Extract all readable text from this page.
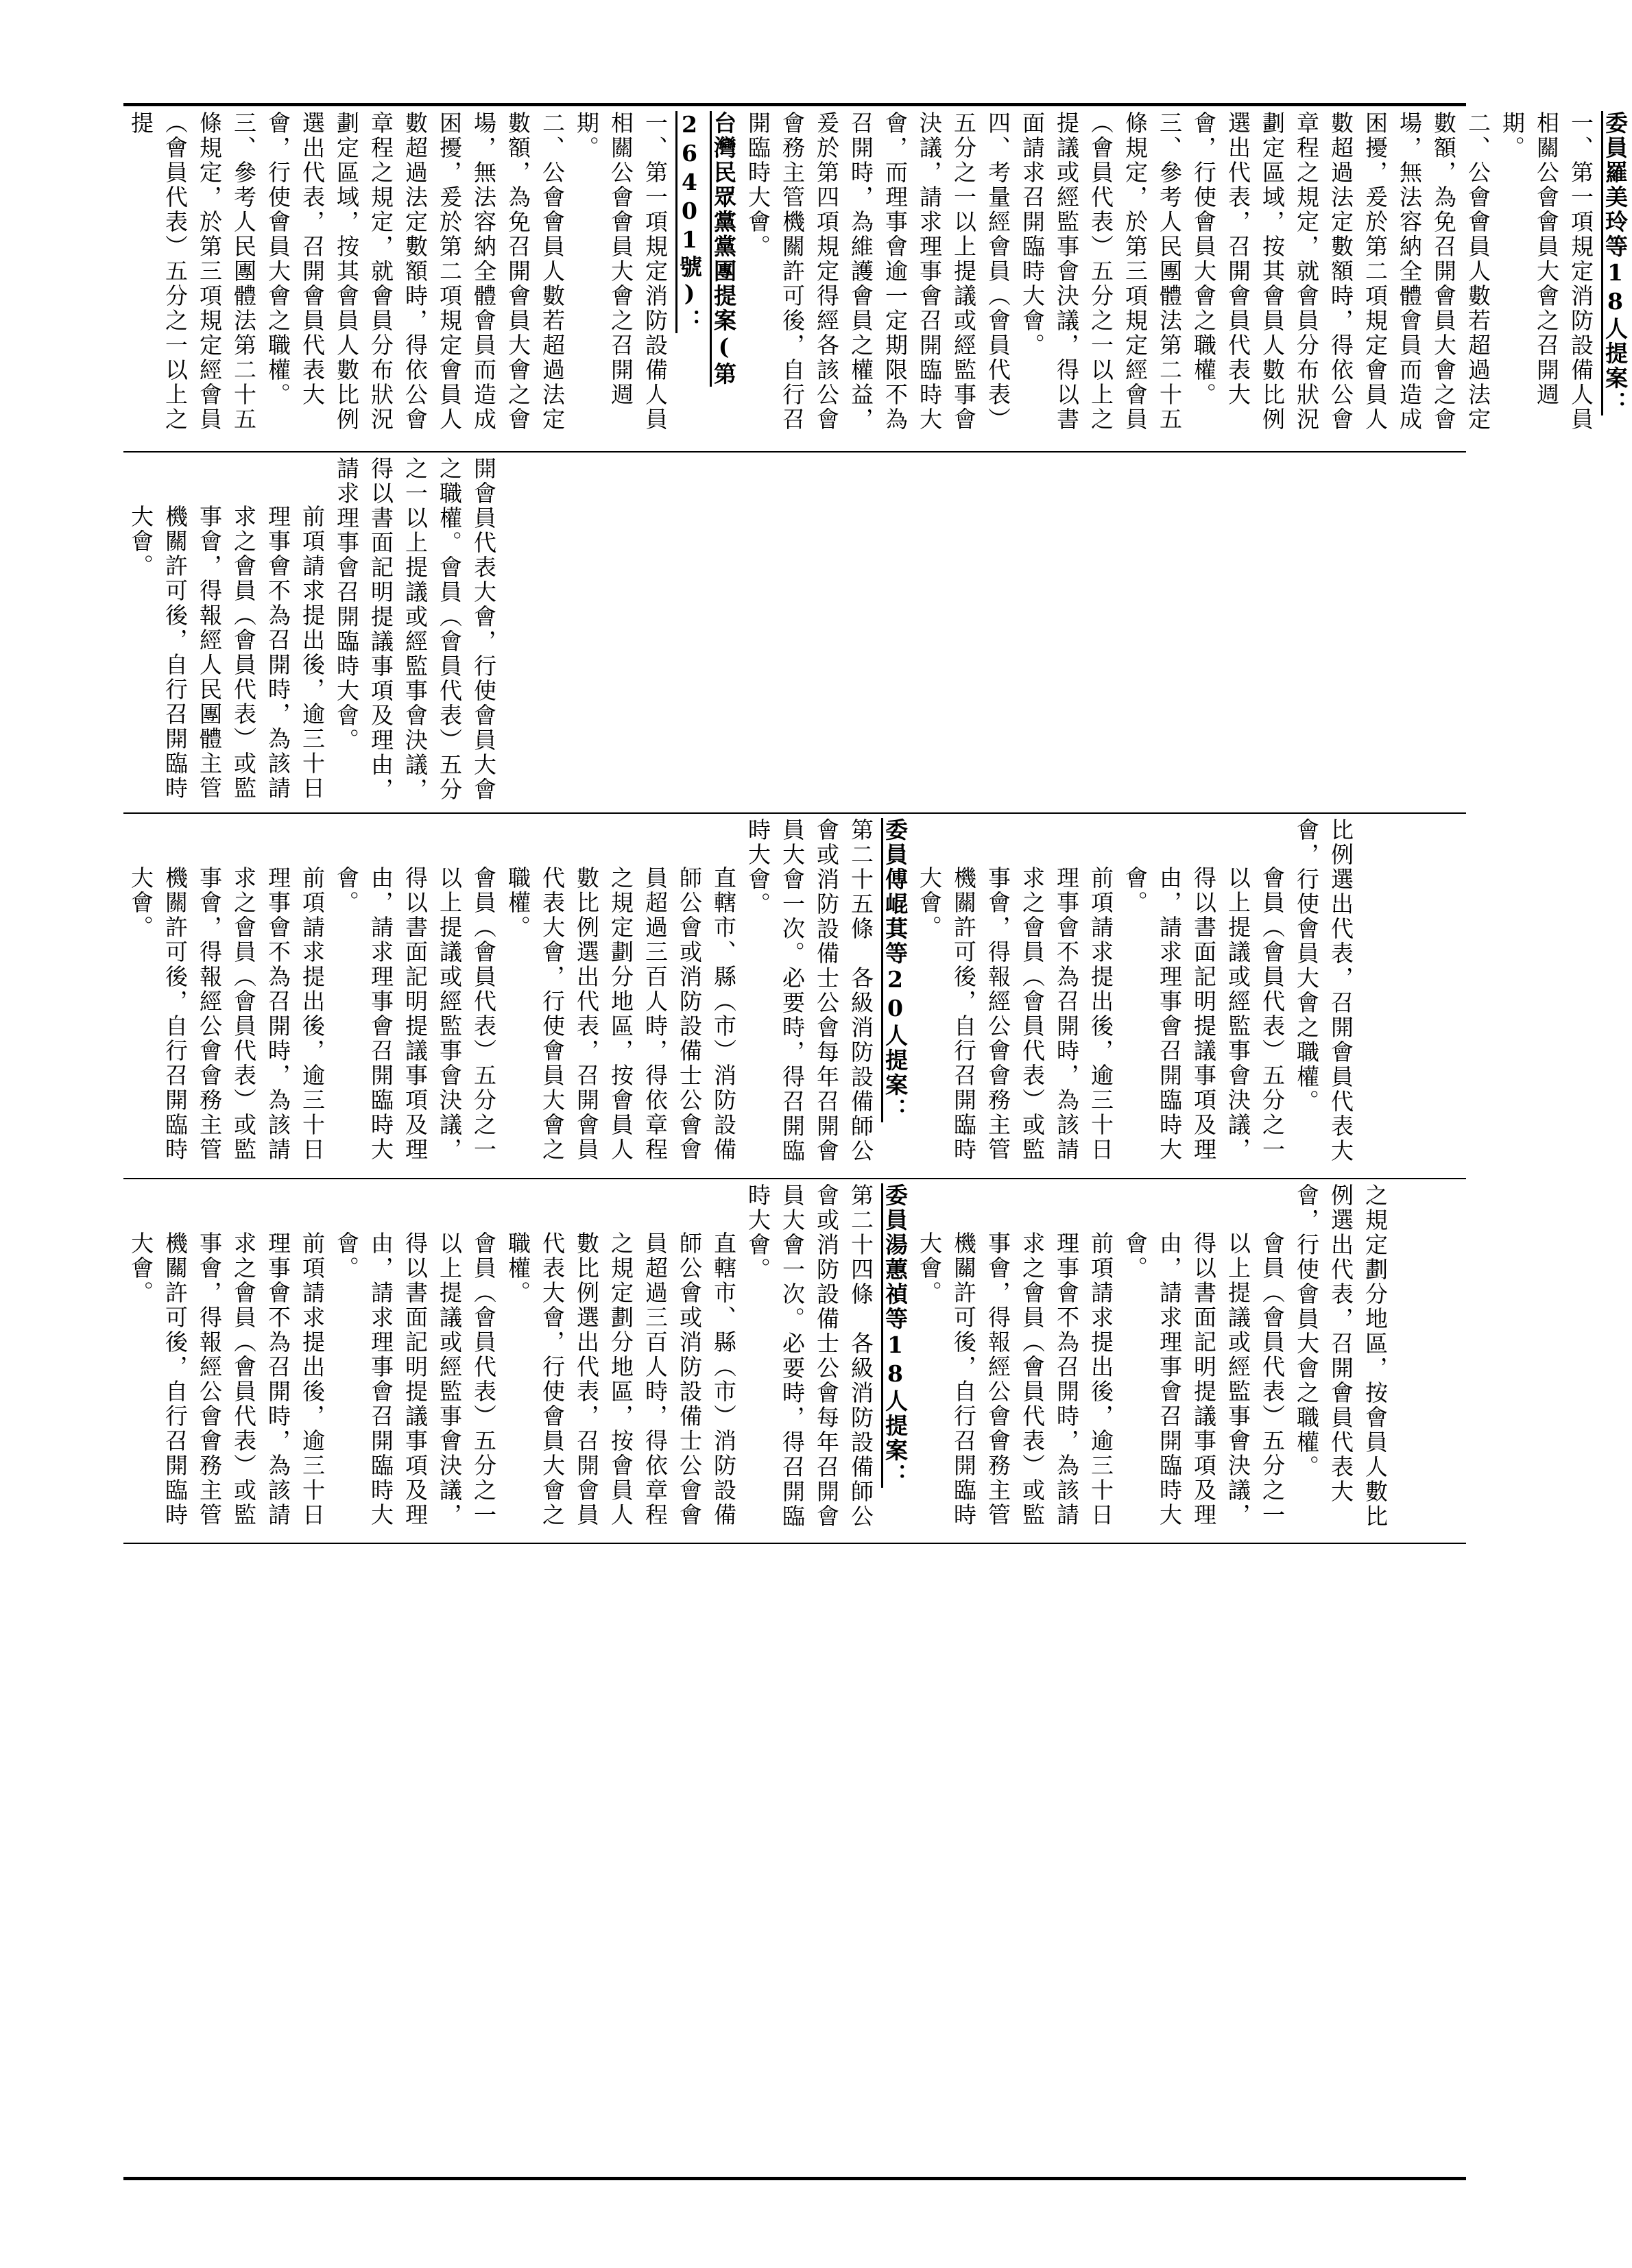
委員羅美玲等18人提案：

一、第一項規定消防設備人員相關公會會員大會之召開週期。

二、公會會員人數若超過法定數額，為免召開會員大會之會場，無法容納全體會員而造成困擾，爰於第二項規定會員人數超過法定數額時，得依公會章程之規定，就會員分布狀況劃定區域，按其會員人數比例選出代表，召開會員代表大會，行使會員大會之職權。

三、參考人民團體法第二十五條規定，於第三項規定經會員（會員代表）五分之一以上之提議或經監事會決議，得以書面請求召開臨時大會。

四、考量經會員（會員代表）五分之一以上提議或經監事會決議，請求理事會召開臨時大會，而理事會逾一定期限不為召開時，為維護會員之權益，爰於第四項規定得經各該公會會務主管機關許可後，自行召開臨時大會。

台灣民眾黨黨團提案(第26401號)：

一、第一項規定消防設備人員相關公會會員大會之召開週期。

二、公會會員人數若超過法定數額，為免召開會員大會之會場，無法容納全體會員而造成困擾，爰於第二項規定會員人數超過法定數額時，得依公會章程之規定，就會員分布狀況劃定區域，按其會員人數比例選出代表，召開會員代表大會，行使會員大會之職權。

三、參考人民團體法第二十五條規定，於第三項規定經會員（會員代表）五分之一以上之提

開會員代表大會，行使會員大會之職權。會員（會員代表）五分之一以上提議或經監事會決議，得以書面記明提議事項及理由，請求理事會召開臨時大會。

前項請求提出後，逾三十日理事會不為召開時，為該請求之會員（會員代表）或監事會，得報經人民團體主管機關許可後，自行召開臨時大會。

比例選出代表，召開會員代表大會，行使會員大會之職權。

會員（會員代表）五分之一以上提議或經監事會決議，得以書面記明提議事項及理由，請求理事會召開臨時大會。

前項請求提出後，逾三十日理事會不為召開時，為該請求之會員（會員代表）或監事會，得報經公會會務主管機關許可後，自行召開臨時大會。

委員傅崐萁等20人提案：

第二十五條　各級消防設備師公會或消防設備士公會每年召開會員大會一次。必要時，得召開臨時大會。

直轄市、縣（市）消防設備師公會或消防設備士公會會員超過三百人時，得依章程之規定劃分地區，按會員人數比例選出代表，召開會員代表大會，行使會員大會之職權。

會員（會員代表）五分之一以上提議或經監事會決議，得以書面記明提議事項及理由，請求理事會召開臨時大會。

前項請求提出後，逾三十日理事會不為召開時，為該請求之會員（會員代表）或監事會，得報經公會會務主管機關許可後，自行召開臨時大會。

之規定劃分地區，按會員人數比例選出代表，召開會員代表大會，行使會員大會之職權。

會員（會員代表）五分之一以上提議或經監事會決議，得以書面記明提議事項及理由，請求理事會召開臨時大會。

前項請求提出後，逾三十日理事會不為召開時，為該請求之會員（會員代表）或監事會，得報經公會會務主管機關許可後，自行召開臨時大會。

委員湯蕙禎等18人提案：

第二十四條　各級消防設備師公會或消防設備士公會每年召開會員大會一次。必要時，得召開臨時大會。

直轄市、縣（市）消防設備師公會或消防設備士公會會員超過三百人時，得依章程之規定劃分地區，按會員人數比例選出代表，召開會員代表大會，行使會員大會之職權。

會員（會員代表）五分之一以上提議或經監事會決議，得以書面記明提議事項及理由，請求理事會召開臨時大會。

前項請求提出後，逾三十日理事會不為召開時，為該請求之會員（會員代表）或監事會，得報經公會會務主管機關許可後，自行召開臨時大會。
